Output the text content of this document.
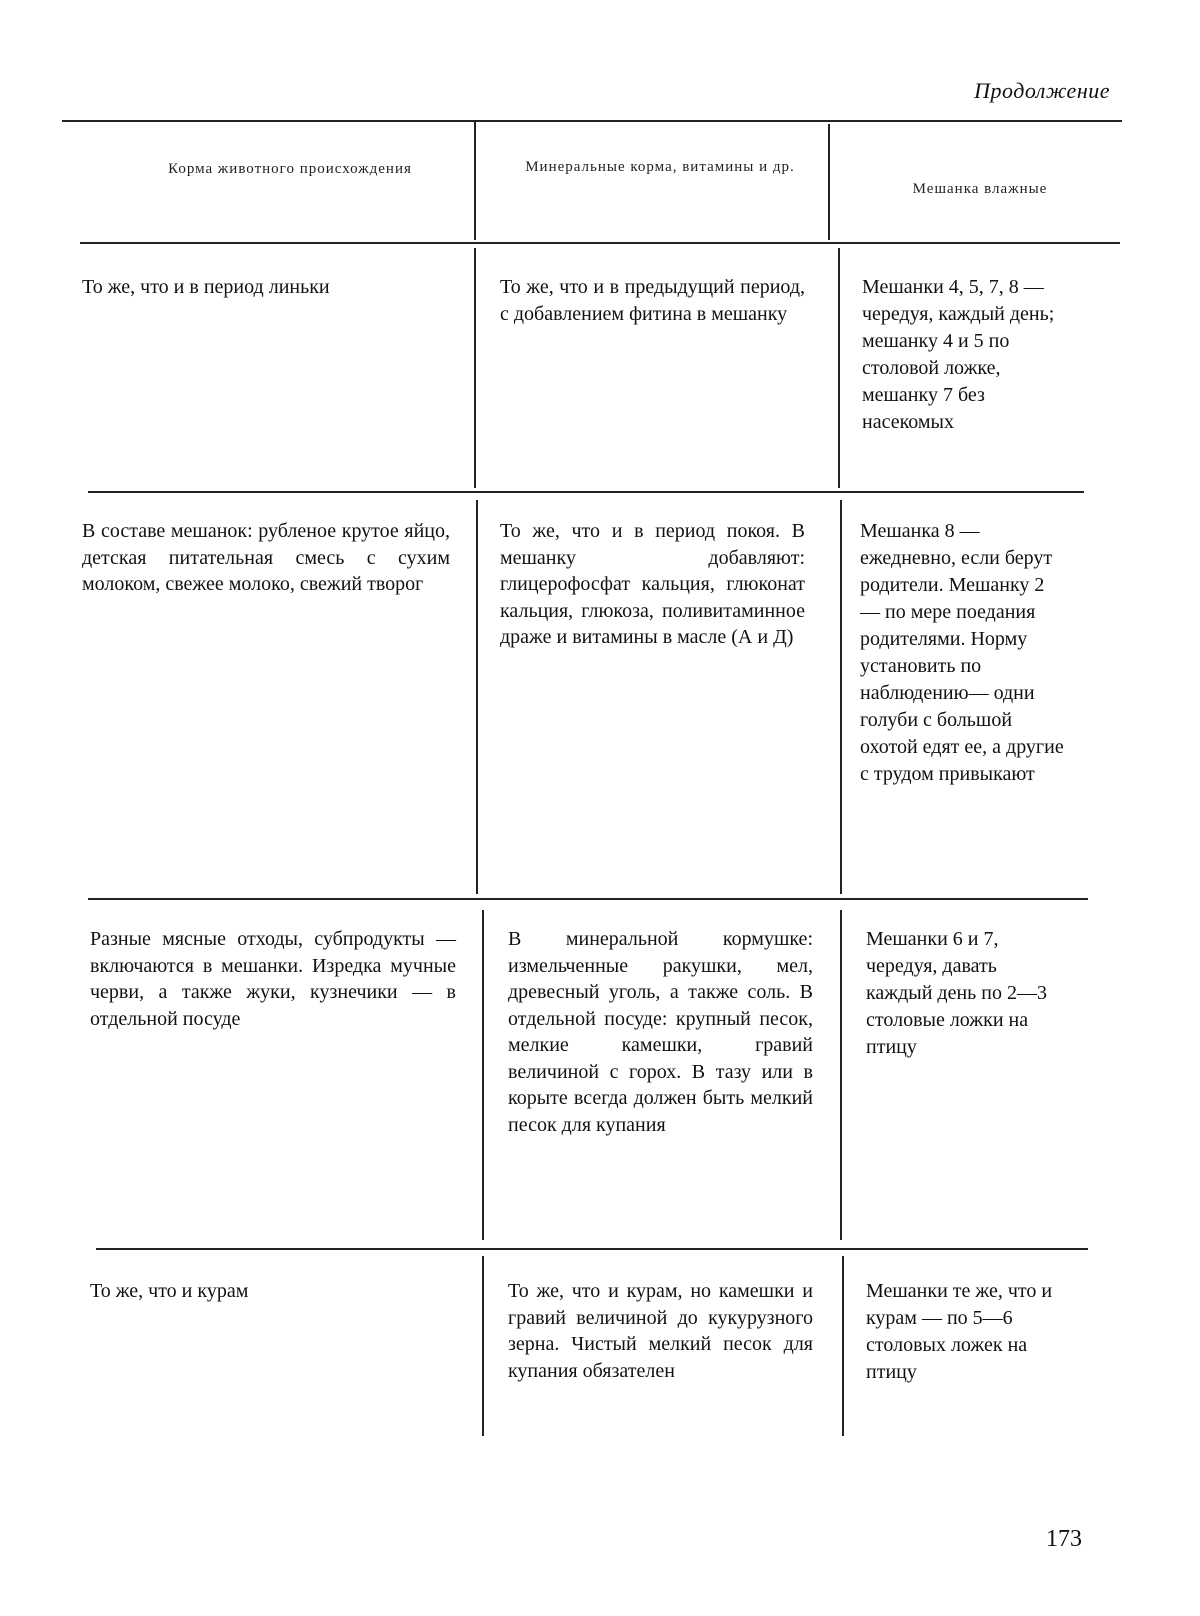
Продолжение
Корма животного происхождения	Минеральные корма, витамины и др.
Мешанка влажные
То же, что и в период линьки	То же, что и в предыдущий период, с добавлением фитина в мешанку
Мешанки 4, 5, 7, 8 — чередуя, каждый день; мешанку 4 и 5 по столовой ложке, мешанку 7 без насекомых
В составе мешанок: рубленое крутое яйцо, детская питательная смесь с сухим молоком, свежее молоко, свежий творог
То же, что и в период покоя. В мешанку добавляют: глицерофосфат кальция, глюконат кальция, глюкоза, поливитаминное драже и витамины в масле (А и Д)
Мешанка 8 — ежедневно, если берут родители. Мешанку 2 — по мере поедания родителями. Норму установить по наблюдению— одни голуби с большой охотой едят ее, а другие с трудом привыкают
Разные мясные отходы, субпродукты — включаются в мешанки. Изредка мучные черви, а также жуки, кузнечики — в отдельной посуде
В минеральной кормушке: измельченные ракушки, мел, древесный уголь, а также соль. В отдельной посуде: крупный песок, мелкие камешки, гравий величиной с горох. В тазу или в корыте всегда должен быть мелкий песок для купания
Мешанки 6 и 7, чередуя, давать каждый день по 2—3 столовые ложки на птицу
То же, что и курам	То же, что и курам, но камешки и гравий величиной до кукурузного зерна. Чистый мелкий песок для купания обязателен
Мешанки те же, что и курам — по 5—6 столовых ложек на птицу
173
